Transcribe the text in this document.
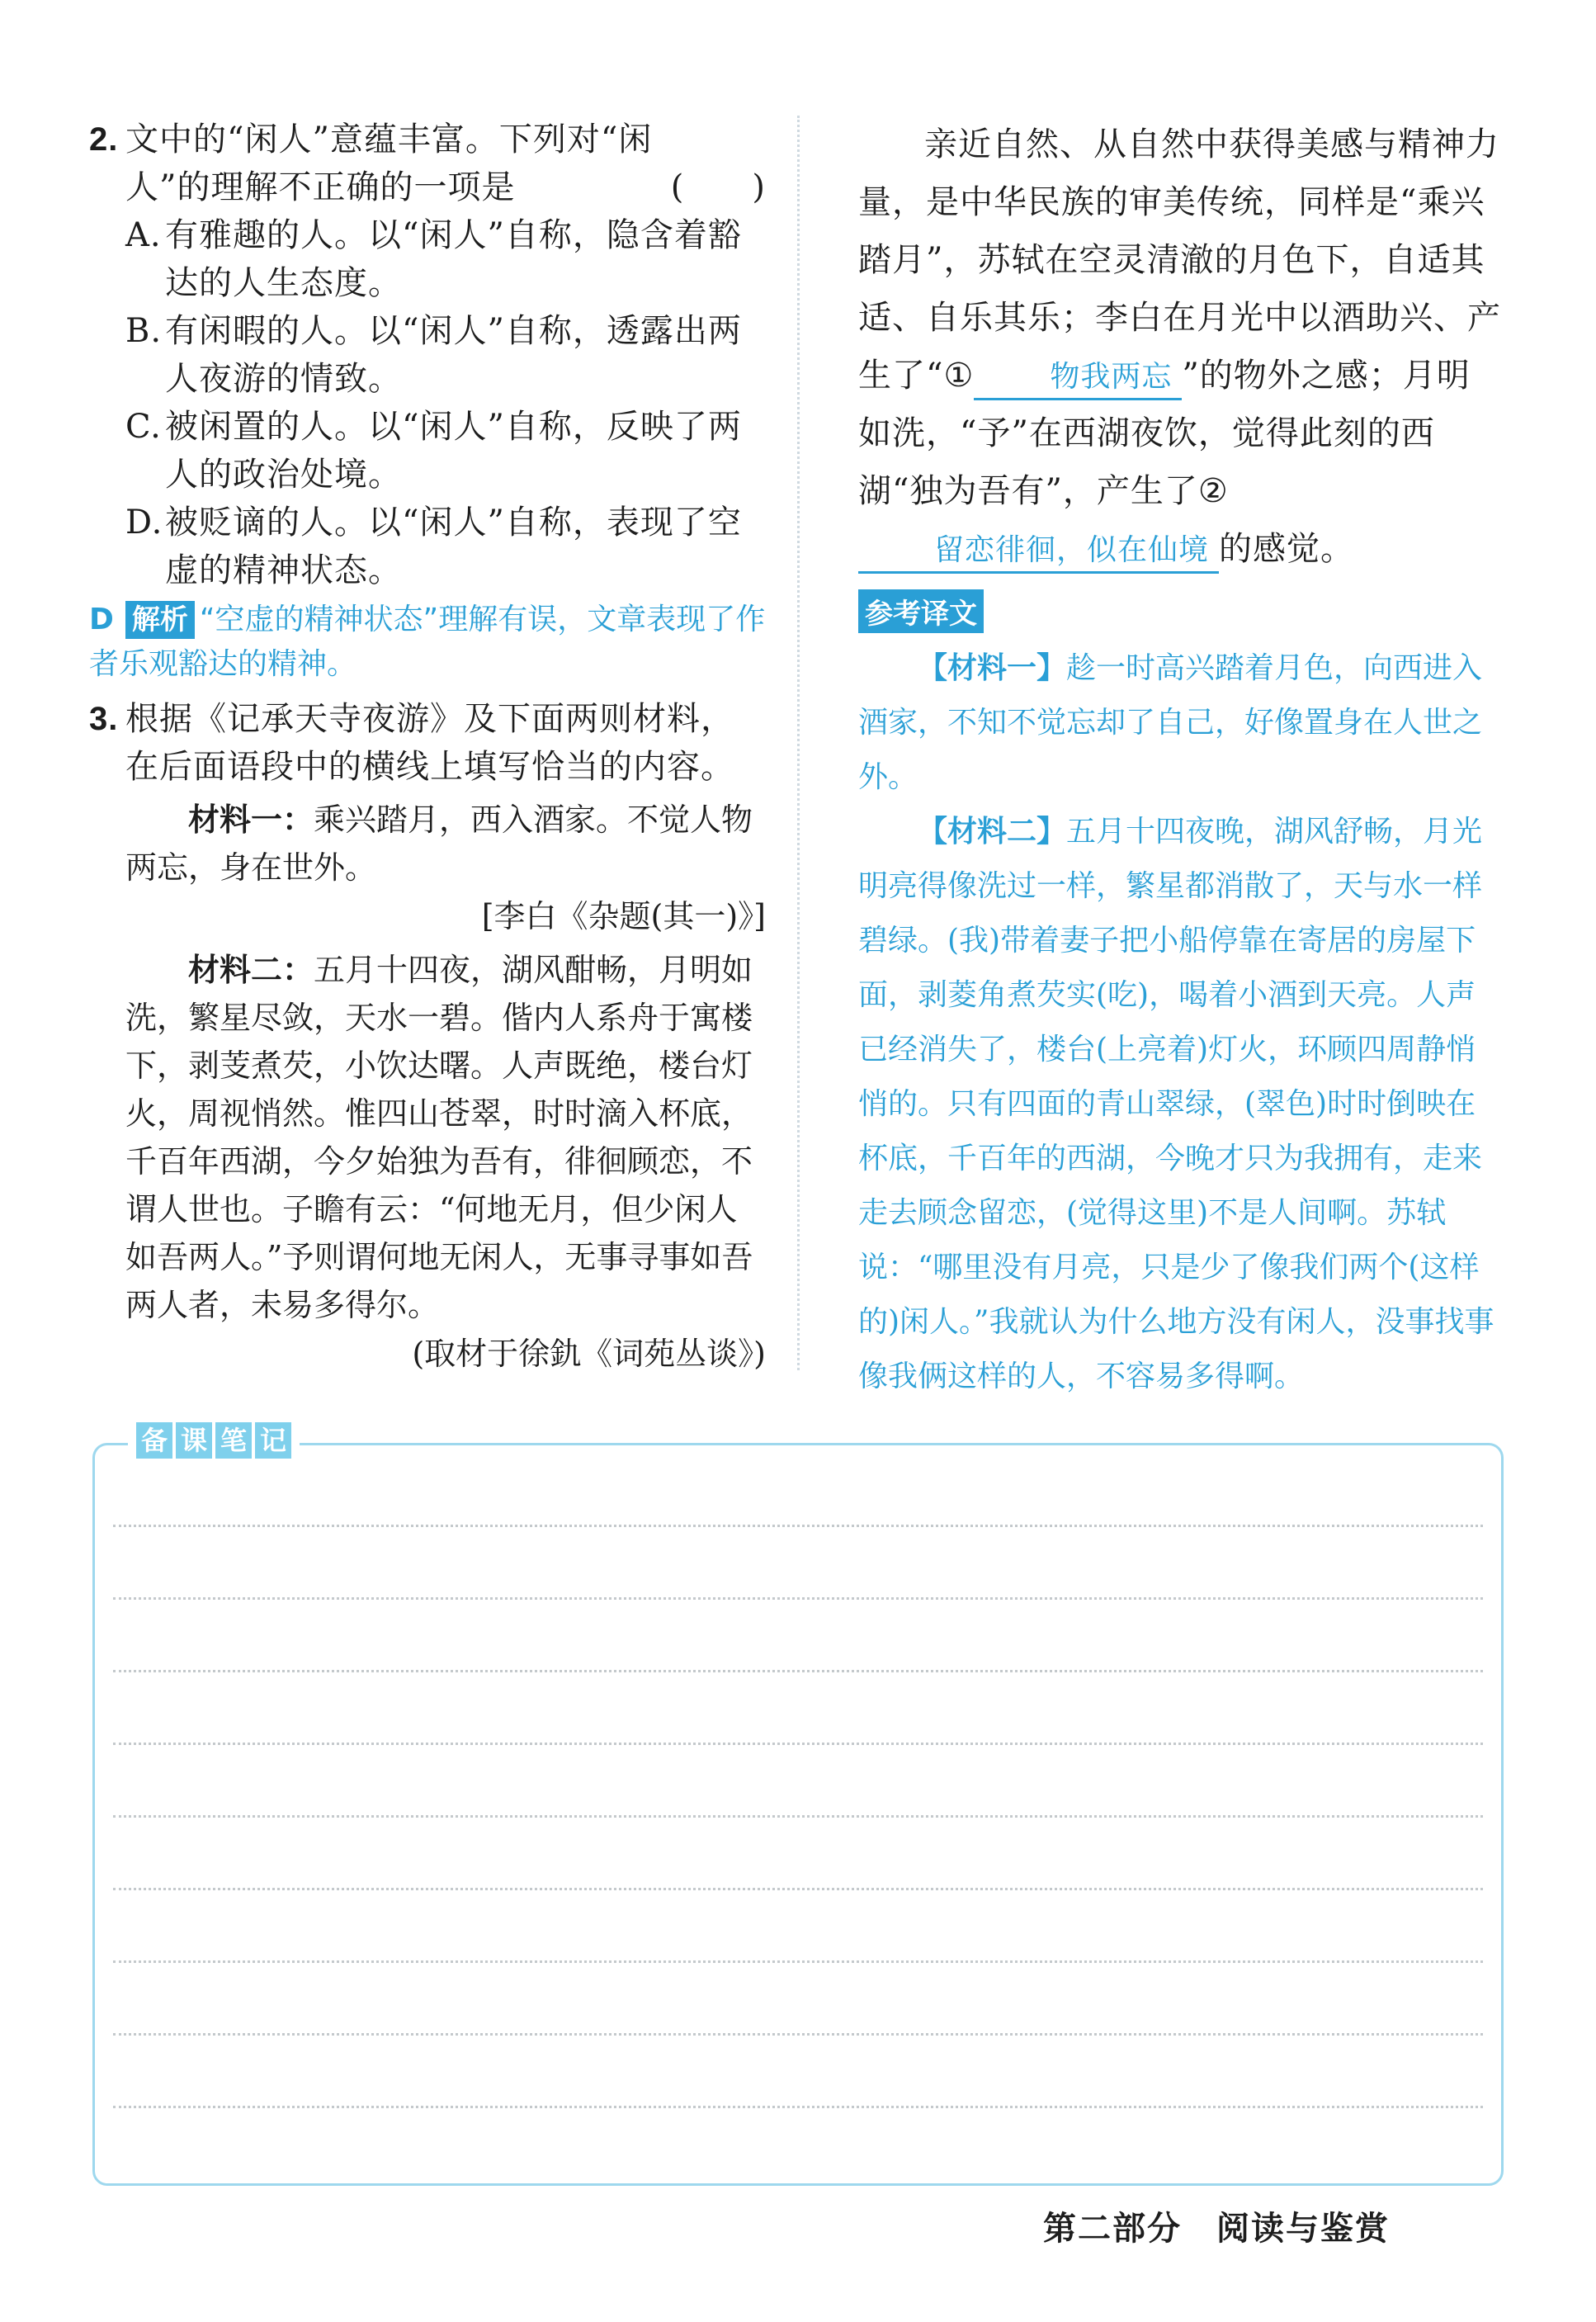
2. 文中的“闲人”意蕴丰富。下列对“闲人”的理解不正确的一项是	(　　)
A. 有雅趣的人。以“闲人”自称，隐含着豁达的人生态度。

B. 有闲暇的人。以“闲人”自称，透露出两人夜游的情致。

C. 被闲置的人。以“闲人”自称，反映了两人的政治处境。

D. 被贬谪的人。以“闲人”自称，表现了空虚的精神状态。

D 解析 “空虚的精神状态”理解有误，文章表现了作者乐观豁达的精神。

3. 根据《记承天寺夜游》及下面两则材料，在后面语段中的横线上填写恰当的内容。

材料一：乘兴踏月，西入酒家。不觉人物两忘，身在世外。

[李白《杂题(其一)》]

材料二：五月十四夜，湖风酣畅，月明如洗，繁星尽敛，天水一碧。偕内人系舟于寓楼下，剥芰煮芡，小饮达曙。人声既绝，楼台灯火，周视悄然。惟四山苍翠，时时滴入杯底，千百年西湖，今夕始独为吾有，徘徊顾恋，不谓人世也。子瞻有云：“何地无月，但少闲人如吾两人。”予则谓何地无闲人，无事寻事如吾两人者，未易多得尔。

(取材于徐釚《词苑丛谈》)

亲近自然、从自然中获得美感与精神力量，是中华民族的审美传统，同样是“乘兴踏月”，苏轼在空灵清澈的月色下，自适其适、自乐其乐；李白在月光中以酒助兴、产生了“①	物我两忘 ”的物外之感；月明如洗，“予”在西湖夜饮，觉得此刻的西湖“独为吾有”，产生了②留恋徘徊，似在仙境 的感觉。

参考译文

【材料一】趁一时高兴踏着月色，向西进入酒家，不知不觉忘却了自己，好像置身在人世之外。

【材料二】五月十四夜晚，湖风舒畅，月光明亮得像洗过一样，繁星都消散了，天与水一样碧绿。(我)带着妻子把小船停靠在寄居的房屋下面，剥菱角煮芡实(吃)，喝着小酒到天亮。人声已经消失了，楼台(上亮着)灯火，环顾四周静悄悄的。只有四面的青山翠绿，(翠色)时时倒映在杯底，千百年的西湖，今晚才只为我拥有，走来走去顾念留恋，(觉得这里)不是人间啊。苏轼说：“哪里没有月亮，只是少了像我们两个(这样的)闲人。”我就认为什么地方没有闲人，没事找事像我俩这样的人，不容易多得啊。

备 课 笔 记
第二部分　阅读与鉴赏
